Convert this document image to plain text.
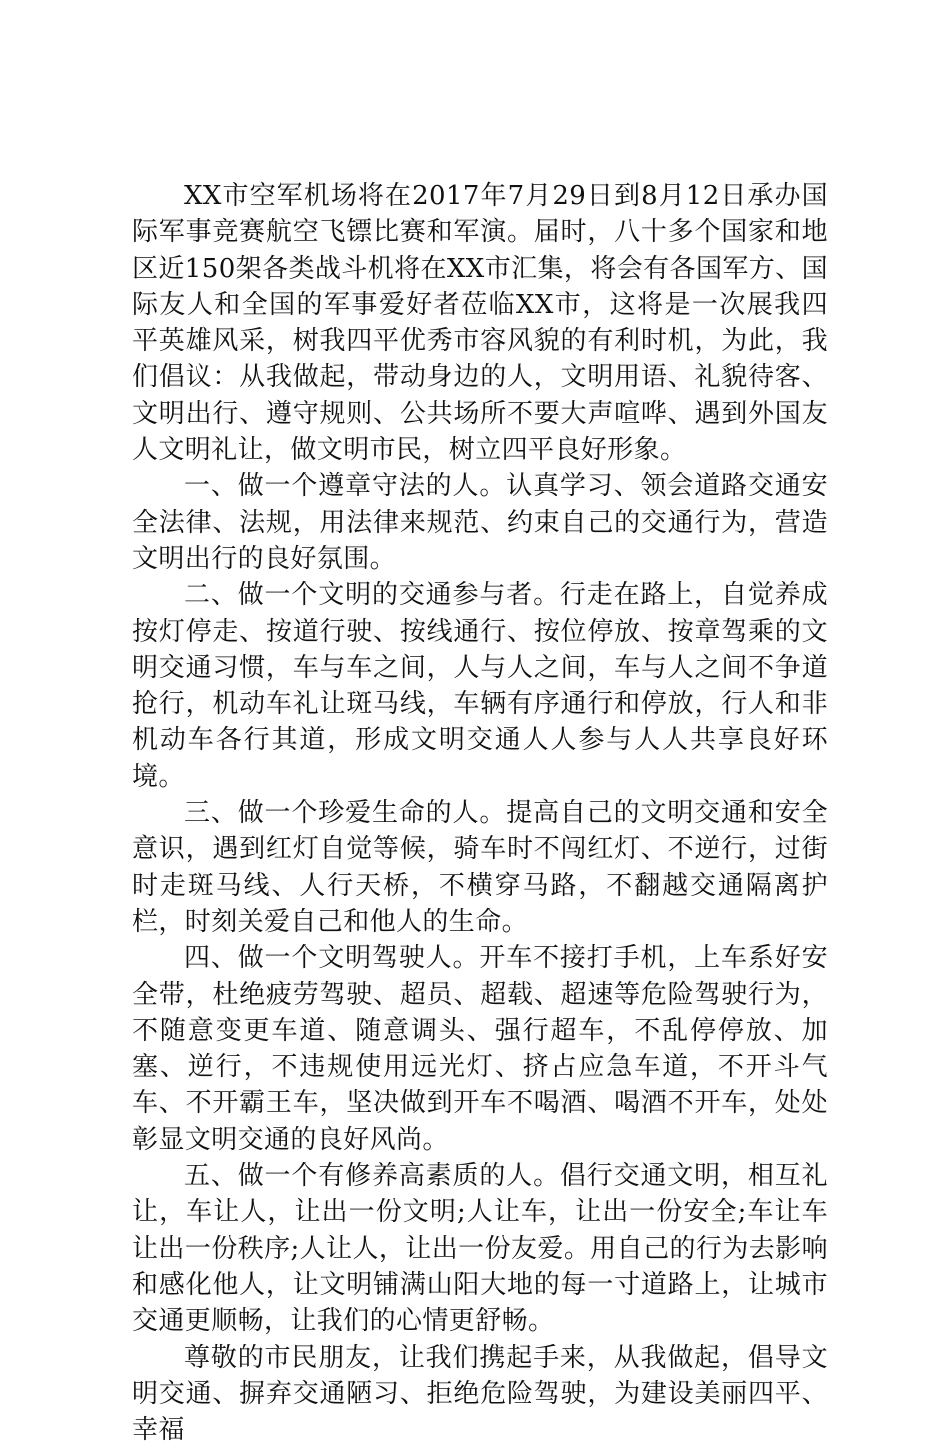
XX市空军机场将在2017年7月29日到8月12日承办国际军事竞赛航空飞镖比赛和军演。届时，八十多个国家和地区近150架各类战斗机将在XX市汇集，将会有各国军方、国际友人和全国的军事爱好者莅临XX市，这将是一次展我四平英雄风采，树我四平优秀市容风貌的有利时机，为此，我们倡议：从我做起，带动身边的人，文明用语、礼貌待客、文明出行、遵守规则、公共场所不要大声喧哗、遇到外国友人文明礼让，做文明市民，树立四平良好形象。

一、做一个遵章守法的人。认真学习、领会道路交通安全法律、法规，用法律来规范、约束自己的交通行为，营造文明出行的良好氛围。

二、做一个文明的交通参与者。行走在路上，自觉养成按灯停走、按道行驶、按线通行、按位停放、按章驾乘的文明交通习惯，车与车之间，人与人之间，车与人之间不争道抢行，机动车礼让斑马线，车辆有序通行和停放，行人和非机动车各行其道，形成文明交通人人参与人人共享良好环境。

三、做一个珍爱生命的人。提高自己的文明交通和安全意识，遇到红灯自觉等候，骑车时不闯红灯、不逆行，过街时走斑马线、人行天桥，不横穿马路，不翻越交通隔离护栏，时刻关爱自己和他人的生命。

四、做一个文明驾驶人。开车不接打手机，上车系好安全带，杜绝疲劳驾驶、超员、超载、超速等危险驾驶行为，不随意变更车道、随意调头、强行超车，不乱停停放、加塞、逆行，不违规使用远光灯、挤占应急车道，不开斗气车、不开霸王车，坚决做到开车不喝酒、喝酒不开车，处处彰显文明交通的良好风尚。

五、做一个有修养高素质的人。倡行交通文明，相互礼让，车让人，让出一份文明;人让车，让出一份安全;车让车让出一份秩序;人让人，让出一份友爱。用自己的行为去影响和感化他人，让文明铺满山阳大地的每一寸道路上，让城市交通更顺畅，让我们的心情更舒畅。

尊敬的市民朋友，让我们携起手来，从我做起，倡导文明交通、摒弃交通陋习、拒绝危险驾驶，为建设美丽四平、幸福
